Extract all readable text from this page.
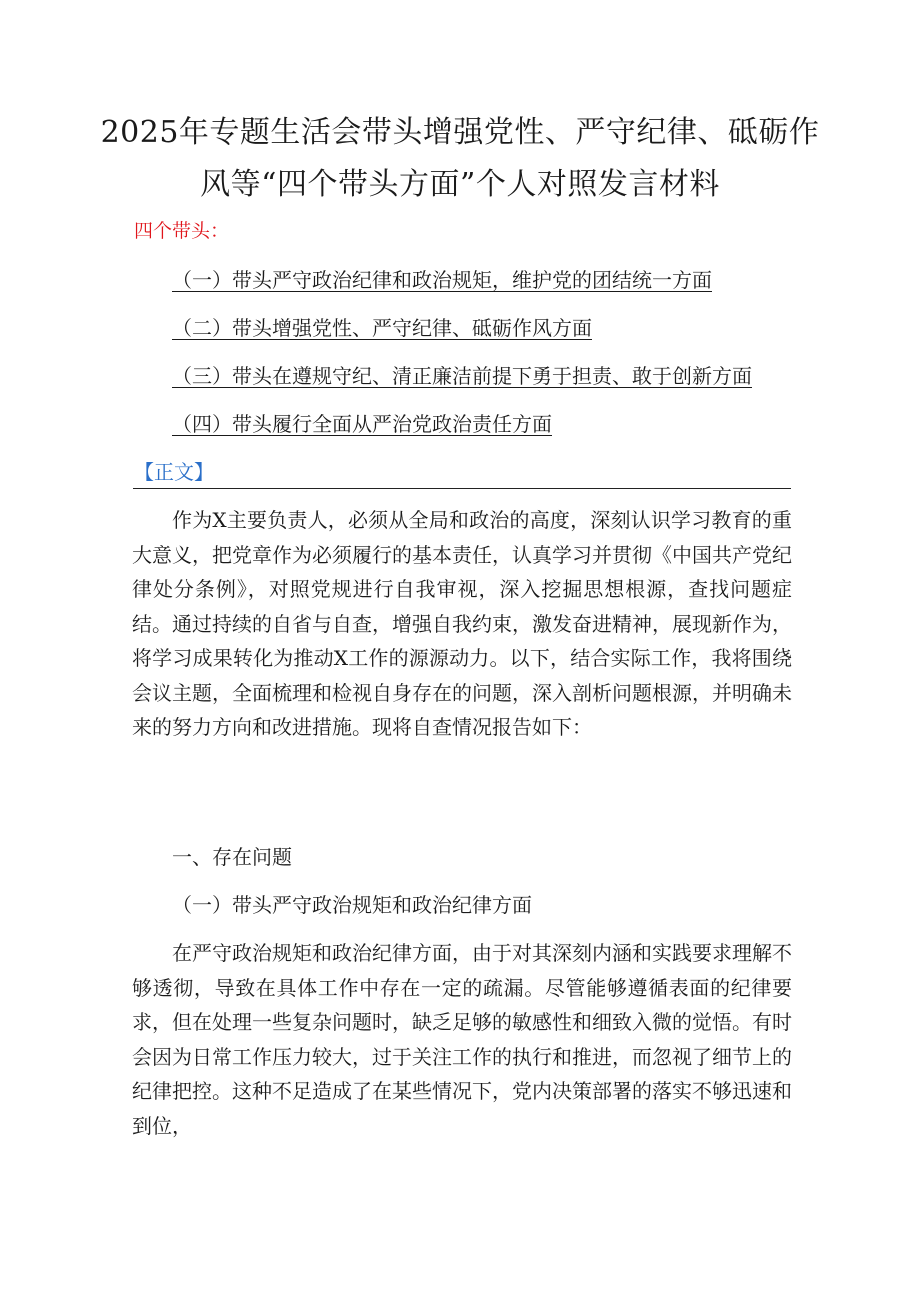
2025年专题生活会带头增强党性、严守纪律、砥砺作
风等“四个带头方面”个人对照发言材料
四个带头：
（一）带头严守政治纪律和政治规矩，维护党的团结统一方面
（二）带头增强党性、严守纪律、砥砺作风方面
（三）带头在遵规守纪、清正廉洁前提下勇于担责、敢于创新方面
（四）带头履行全面从严治党政治责任方面
【正文】

作为X主要负责人，必须从全局和政治的高度，深刻认识学习教育的重大意义，把党章作为必须履行的基本责任，认真学习并贯彻《中国共产党纪律处分条例》，对照党规进行自我审视，深入挖掘思想根源，查找问题症结。通过持续的自省与自查，增强自我约束，激发奋进精神，展现新作为，将学习成果转化为推动X工作的源源动力。以下，结合实际工作，我将围绕会议主题，全面梳理和检视自身存在的问题，深入剖析问题根源，并明确未来的努力方向和改进措施。现将自查情况报告如下：

一、存在问题
（一）带头严守政治规矩和政治纪律方面

在严守政治规矩和政治纪律方面，由于对其深刻内涵和实践要求理解不够透彻，导致在具体工作中存在一定的疏漏。尽管能够遵循表面的纪律要求，但在处理一些复杂问题时，缺乏足够的敏感性和细致入微的觉悟。有时会因为日常工作压力较大，过于关注工作的执行和推进，而忽视了细节上的纪律把控。这种不足造成了在某些情况下，党内决策部署的落实不够迅速和到位，
